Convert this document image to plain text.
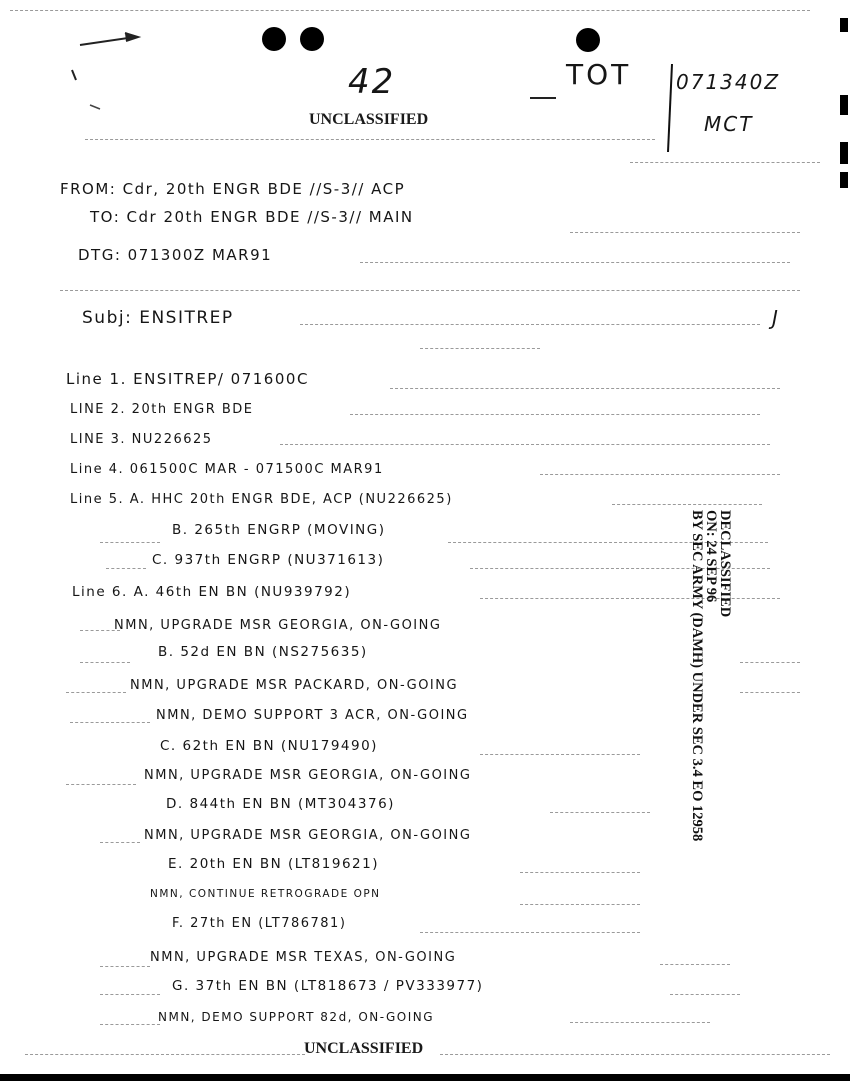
42	TOT 071340Z
MCT
UNCLASSIFIED
FROM: Cdr, 20th ENGR BDE //S-3// ACP
TO: Cdr 20th ENGR BDE //S-3// MAIN
DTG: 071300Z MAR91
Subj: ENSITREP	J
Line 1. ENSITREP/ 071600C
LINE 2. 20th ENGR BDE
LINE 3. NU226625
Line 4. 061500C MAR - 071500C MAR91
Line 5. A. HHC 20th ENGR BDE, ACP (NU226625)
B. 265th ENGRP (MOVING)
C. 937th ENGRP (NU371613)
Line 6. A. 46th EN BN (NU939792)
NMN, UPGRADE MSR GEORGIA, ON-GOING
B. 52d EN BN (NS275635)
NMN, UPGRADE MSR PACKARD, ON-GOING
NMN, DEMO SUPPORT 3 ACR, ON-GOING
C. 62th EN BN (NU179490)
NMN, UPGRADE MSR GEORGIA, ON-GOING
D. 844th EN BN (MT304376)
NMN, UPGRADE MSR GEORGIA, ON-GOING
E. 20th EN BN (LT819621)
NMN, CONTINUE RETROGRADE OPN
F. 27th EN (LT786781)
NMN, UPGRADE MSR TEXAS, ON-GOING
G. 37th EN BN (LT818673 / PV333977)
NMN, DEMO SUPPORT 82d, ON-GOING
UNCLASSIFIED
DECLASSIFIED
ON: 24 SEP 96
BY SEC ARMY (DAMH) UNDER SEC 3.4 EO 12958
